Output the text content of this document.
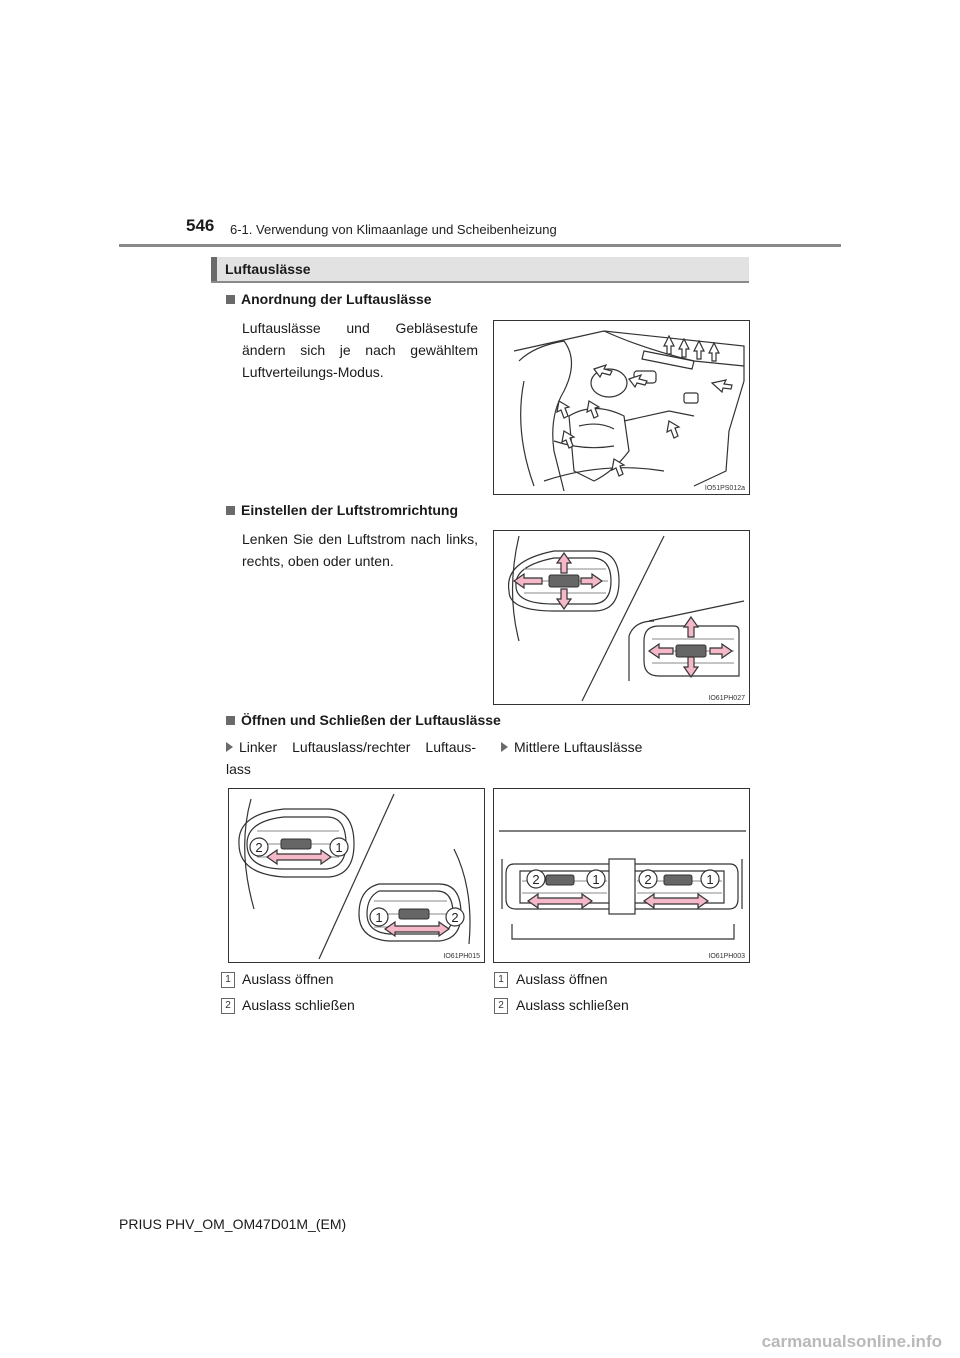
546 6-1. Verwendung von Klimaanlage und Scheibenheizung
Luftauslässe
Anordnung der Luftauslässe
Luftauslässe und Gebläsestufe ändern sich je nach gewähltem Luftverteilungs-Modus.
IO51PS012a
Einstellen der Luftstromrichtung
Lenken Sie den Luftstrom nach links, rechts, oben oder unten.
IO61PH027
Öffnen und Schließen der Luftauslässe
Linker Luftauslass/rechter Luftaus-lass
Mittlere Luftauslässe
2	1
1	2
IO61PH015
2	1	2	1
IO61PH003
1 Auslass öffnen
2 Auslass schließen
1 Auslass öffnen
2 Auslass schließen
PRIUS PHV_OM_OM47D01M_(EM)
carmanualsonline.info
